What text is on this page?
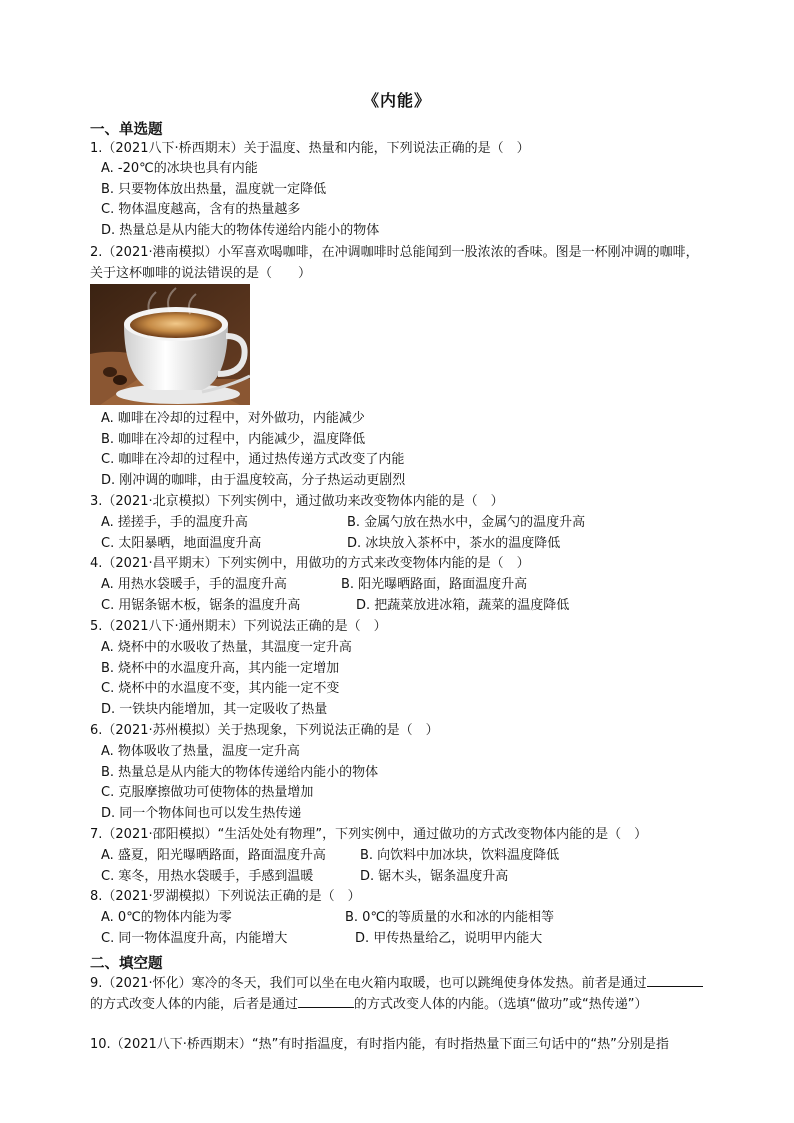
《内能》
一、单选题
1.（2021八下·桥西期末）关于温度、热量和内能，下列说法正确的是（　）
A. -20℃的冰块也具有内能
B. 只要物体放出热量，温度就一定降低
C. 物体温度越高，含有的热量越多
D. 热量总是从内能大的物体传递给内能小的物体
2.（2021·港南模拟）小军喜欢喝咖啡，在冲调咖啡时总能闻到一股浓浓的香味。图是一杯刚冲调的咖啡，关于这杯咖啡的说法错误的是（　　）
A. 咖啡在冷却的过程中，对外做功，内能减少
B. 咖啡在冷却的过程中，内能减少，温度降低
C. 咖啡在冷却的过程中，通过热传递方式改变了内能
D. 刚冲调的咖啡，由于温度较高，分子热运动更剧烈
3.（2021·北京模拟）下列实例中，通过做功来改变物体内能的是（　）
A. 搓搓手，手的温度升高	B. 金属勺放在热水中，金属勺的温度升高
C. 太阳暴晒，地面温度升高	D. 冰块放入茶杯中，茶水的温度降低
4.（2021·昌平期末）下列实例中，用做功的方式来改变物体内能的是（　）
A. 用热水袋暖手，手的温度升高	B. 阳光曝晒路面，路面温度升高
C. 用锯条锯木板，锯条的温度升高	D. 把蔬菜放进冰箱，蔬菜的温度降低
5.（2021八下·通州期末）下列说法正确的是（　）
A. 烧杯中的水吸收了热量，其温度一定升高
B. 烧杯中的水温度升高，其内能一定增加
C. 烧杯中的水温度不变，其内能一定不变
D. 一铁块内能增加，其一定吸收了热量
6.（2021·苏州模拟）关于热现象，下列说法正确的是（　）
A. 物体吸收了热量，温度一定升高
B. 热量总是从内能大的物体传递给内能小的物体
C. 克服摩擦做功可使物体的热量增加
D. 同一个物体间也可以发生热传递
7.（2021·邵阳模拟）“生活处处有物理”，下列实例中，通过做功的方式改变物体内能的是（　）
A. 盛夏，阳光曝晒路面，路面温度升高	B. 向饮料中加冰块，饮料温度降低
C. 寒冬，用热水袋暖手，手感到温暖	D. 锯木头，锯条温度升高
8.（2021·罗湖模拟）下列说法正确的是（　）
A. 0℃的物体内能为零	B. 0℃的等质量的水和冰的内能相等
C. 同一物体温度升高，内能增大	D. 甲传热量给乙，说明甲内能大
二、填空题
9.（2021·怀化）寒冷的冬天，我们可以坐在电火箱内取暖，也可以跳绳使身体发热。前者是通过的方式改变人体的内能，后者是通过	的方式改变人体的内能。（选填“做功”或“热传递”）
10.（2021八下·桥西期末）“热”有时指温度，有时指内能，有时指热量下面三句话中的“热”分别是指
